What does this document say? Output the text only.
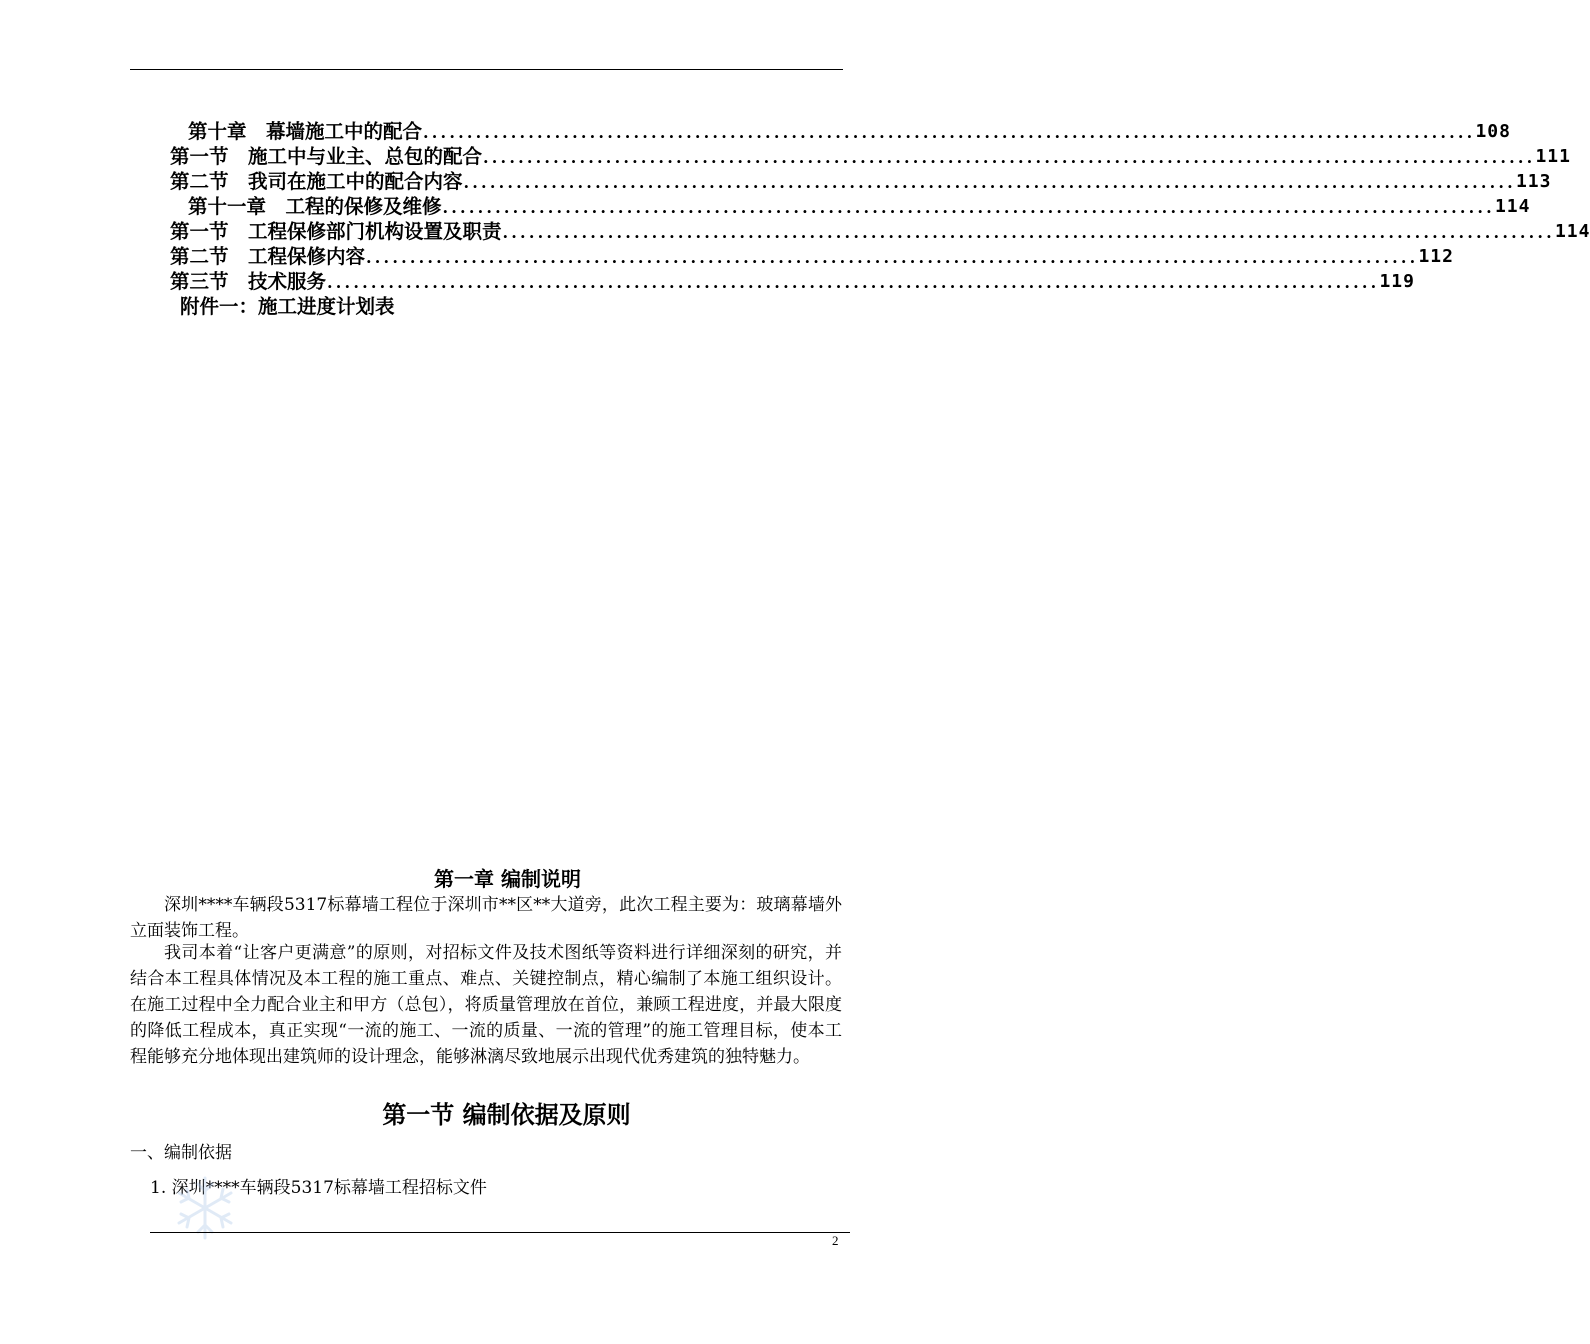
第十章　幕墙施工中的配合 ........................................................................................................................ 108
第一节　施工中与业主、总包的配合 ........................................................................................................................ 111
第二节　我司在施工中的配合内容 ........................................................................................................................ 113
第十一章　工程的保修及维修 ........................................................................................................................ 114
第一节　工程保修部门机构设置及职责 ........................................................................................................................ 114
第二节　工程保修内容 ........................................................................................................................ 112
第三节　技术服务 ........................................................................................................................ 119
附件一：施工进度计划表
第一章 编制说明
深圳****车辆段5317标幕墙工程位于深圳市**区**大道旁，此次工程主要为：玻璃幕墙外立面装饰工程。
我司本着“让客户更满意”的原则，对招标文件及技术图纸等资料进行详细深刻的研究，并结合本工程具体情况及本工程的施工重点、难点、关键控制点，精心编制了本施工组织设计。在施工过程中全力配合业主和甲方（总包），将质量管理放在首位，兼顾工程进度，并最大限度的降低工程成本，真正实现“一流的施工、一流的质量、一流的管理”的施工管理目标，使本工程能够充分地体现出建筑师的设计理念，能够淋漓尽致地展示出现代优秀建筑的独特魅力。
第一节 编制依据及原则
一、编制依据
1. 深圳****车辆段5317标幕墙工程招标文件
2
